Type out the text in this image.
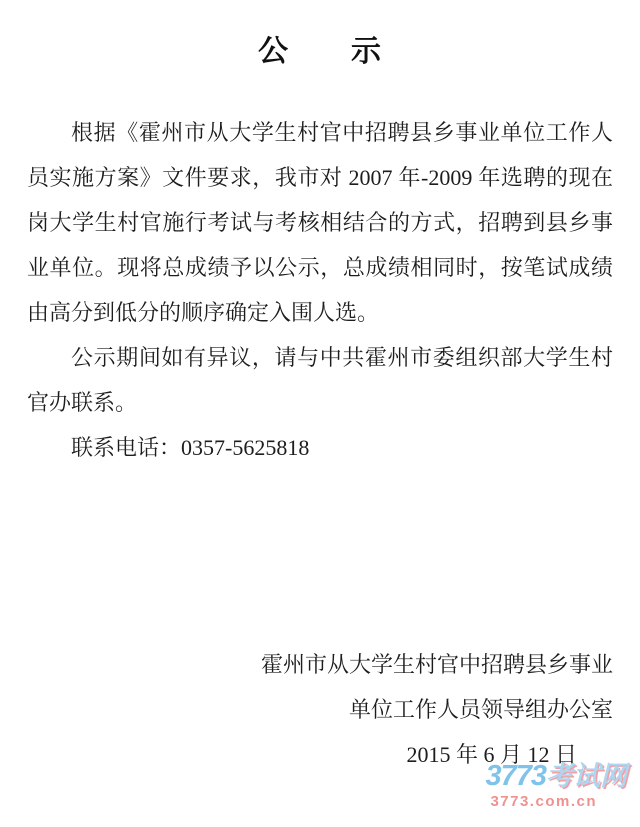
公　　示

根据《霍州市从大学生村官中招聘县乡事业单位工作人员实施方案》文件要求，我市对 2007 年-2009 年选聘的现在岗大学生村官施行考试与考核相结合的方式，招聘到县乡事业单位。现将总成绩予以公示，总成绩相同时，按笔试成绩由高分到低分的顺序确定入围人选。

公示期间如有异议，请与中共霍州市委组织部大学生村官办联系。

联系电话：0357-5625818

霍州市从大学生村官中招聘县乡事业

单位工作人员领导组办公室

2015 年 6 月 12 日

3773考试网
3773.com.cn
